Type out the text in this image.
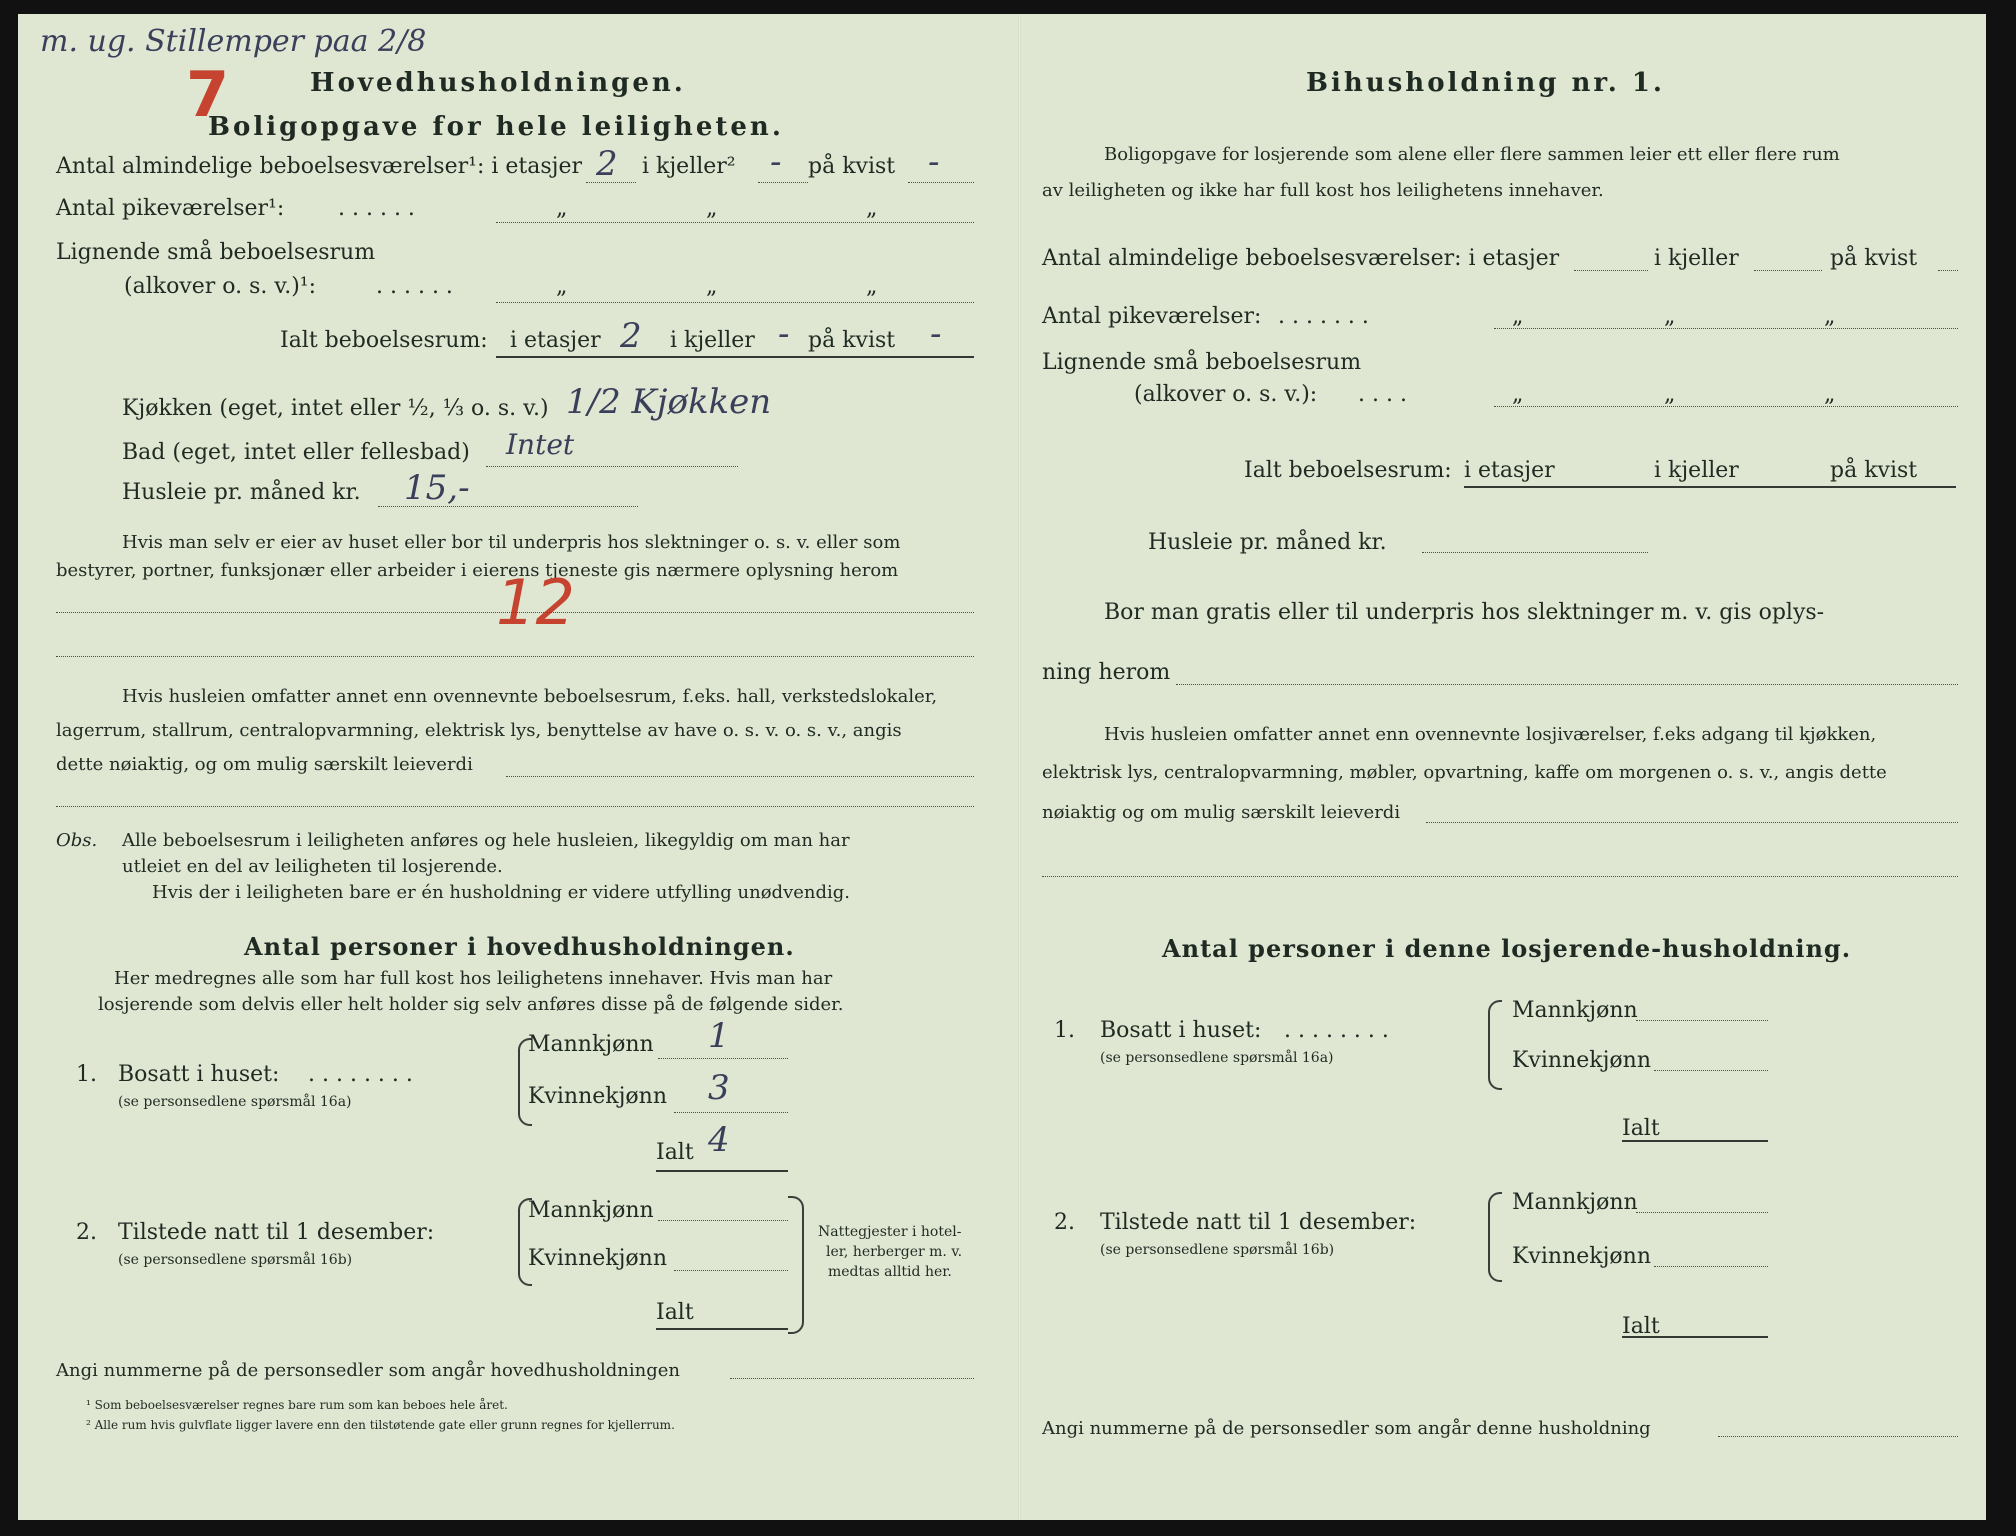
m. ug. Stillemper paa 2/8
7	Hovedhusholdningen.
Boligopgave for hele leiligheten.
Antal almindelige beboelsesværelser¹: i etasjer 2 i kjeller² - på kvist -
Antal pikeværelser¹: . . . . . .	„	„	„
Lignende små beboelsesrum
(alkover o. s. v.)¹:	. . . . . .	„	„	„
Ialt beboelsesrum: i etasjer 2 i kjeller - på kvist -
Kjøkken (eget, intet eller ½, ⅓ o. s. v.) 1/2 Kjøkken
Bad (eget, intet eller fellesbad) Intet
Husleie pr. måned kr. 15,-
Hvis man selv er eier av huset eller bor til underpris hos slektninger o. s. v. eller som
bestyrer, portner, funksjonær eller arbeider i eierens tjeneste gis nærmere oplysning herom
12
Hvis husleien omfatter annet enn ovennevnte beboelsesrum, f.eks. hall, verkstedslokaler,
lagerrum, stallrum, centralopvarmning, elektrisk lys, benyttelse av have o. s. v. o. s. v., angis
dette nøiaktig, og om mulig særskilt leieverdi
Obs. Alle beboelsesrum i leiligheten anføres og hele husleien, likegyldig om man har
utleiet en del av leiligheten til losjerende.
Hvis der i leiligheten bare er én husholdning er videre utfylling unødvendig.
Antal personer i hovedhusholdningen.
Her medregnes alle som har full kost hos leilighetens innehaver. Hvis man har
losjerende som delvis eller helt holder sig selv anføres disse på de følgende sider.
1. Bosatt i huset: . . . . . . . .
(se personsedlene spørsmål 16a)
Mannkjønn 1
Kvinnekjønn 3
Ialt 4
2. Tilstede natt til 1 desember:
(se personsedlene spørsmål 16b)
Mannkjønn
Kvinnekjønn
Ialt
Nattegjester i hotel-
ler, herberger m. v.
medtas alltid her.
Angi nummerne på de personsedler som angår hovedhusholdningen
¹ Som beboelsesværelser regnes bare rum som kan beboes hele året.
² Alle rum hvis gulvflate ligger lavere enn den tilstøtende gate eller grunn regnes for kjellerrum.
Bihusholdning nr. 1.
Boligopgave for losjerende som alene eller flere sammen leier ett eller flere rum
av leiligheten og ikke har full kost hos leilighetens innehaver.
Antal almindelige beboelsesværelser: i etasjer	i kjeller	på kvist
Antal pikeværelser: . . . . . . .	„	„	„
Lignende små beboelsesrum
(alkover o. s. v.): . . . .	„	„	„
Ialt beboelsesrum: i etasjer	i kjeller	på kvist
Husleie pr. måned kr.
Bor man gratis eller til underpris hos slektninger m. v. gis oplys-
ning herom
Hvis husleien omfatter annet enn ovennevnte losjiværelser, f.eks adgang til kjøkken,
elektrisk lys, centralopvarmning, møbler, opvartning, kaffe om morgenen o. s. v., angis dette
nøiaktig og om mulig særskilt leieverdi
Antal personer i denne losjerende-husholdning.
1. Bosatt i huset: . . . . . . . .
(se personsedlene spørsmål 16a)
Mannkjønn
Kvinnekjønn
Ialt
2. Tilstede natt til 1 desember:
(se personsedlene spørsmål 16b)
Mannkjønn
Kvinnekjønn
Ialt
Angi nummerne på de personsedler som angår denne husholdning
